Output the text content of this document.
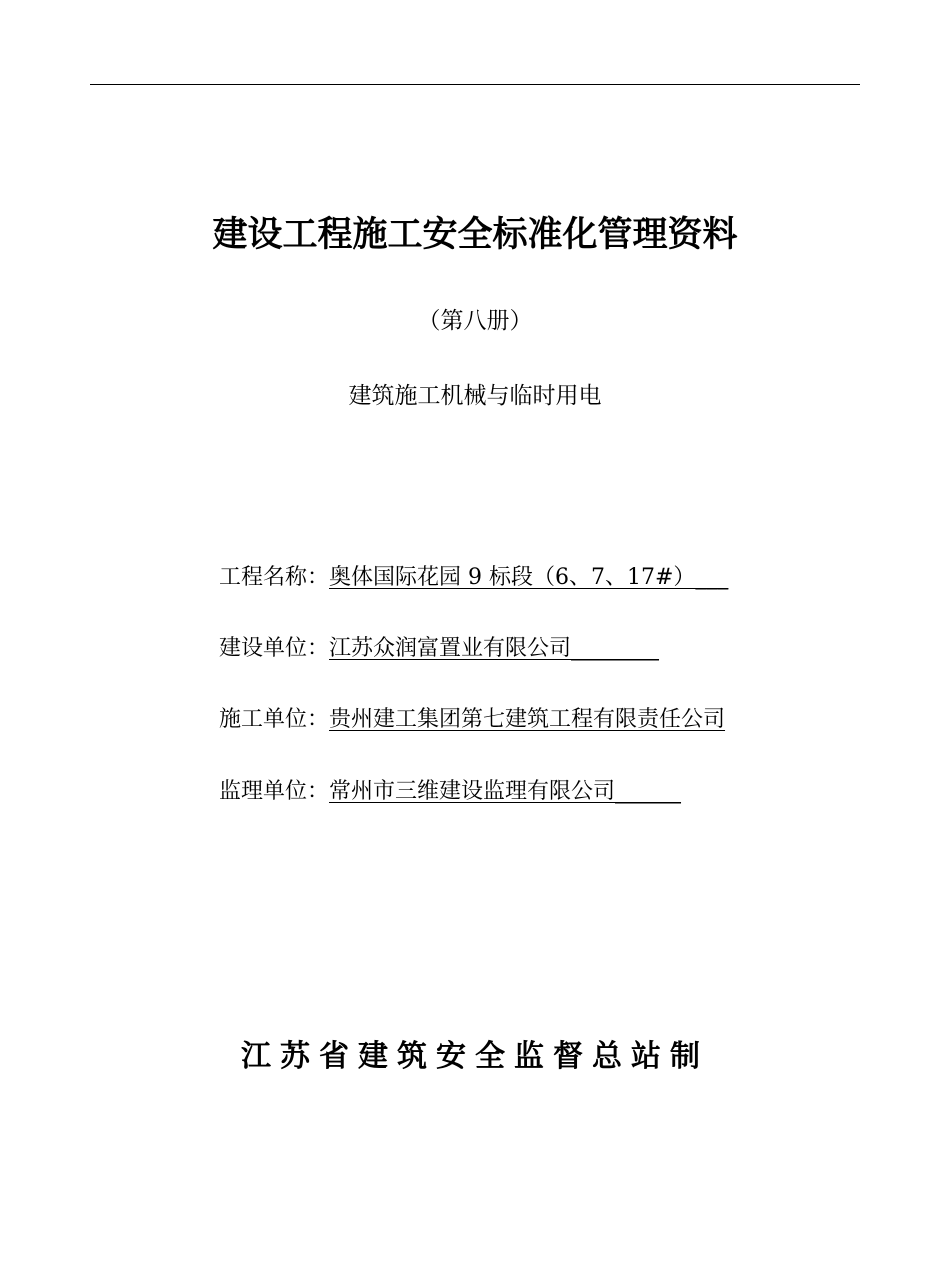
建设工程施工安全标准化管理资料
（第八册）
建筑施工机械与临时用电
工程名称：奥体国际花园 9 标段（6、7、17#）___
建设单位：江苏众润富置业有限公司________
施工单位：贵州建工集团第七建筑工程有限责任公司
监理单位：常州市三维建设监理有限公司______
江苏省建筑安全监督总站制
